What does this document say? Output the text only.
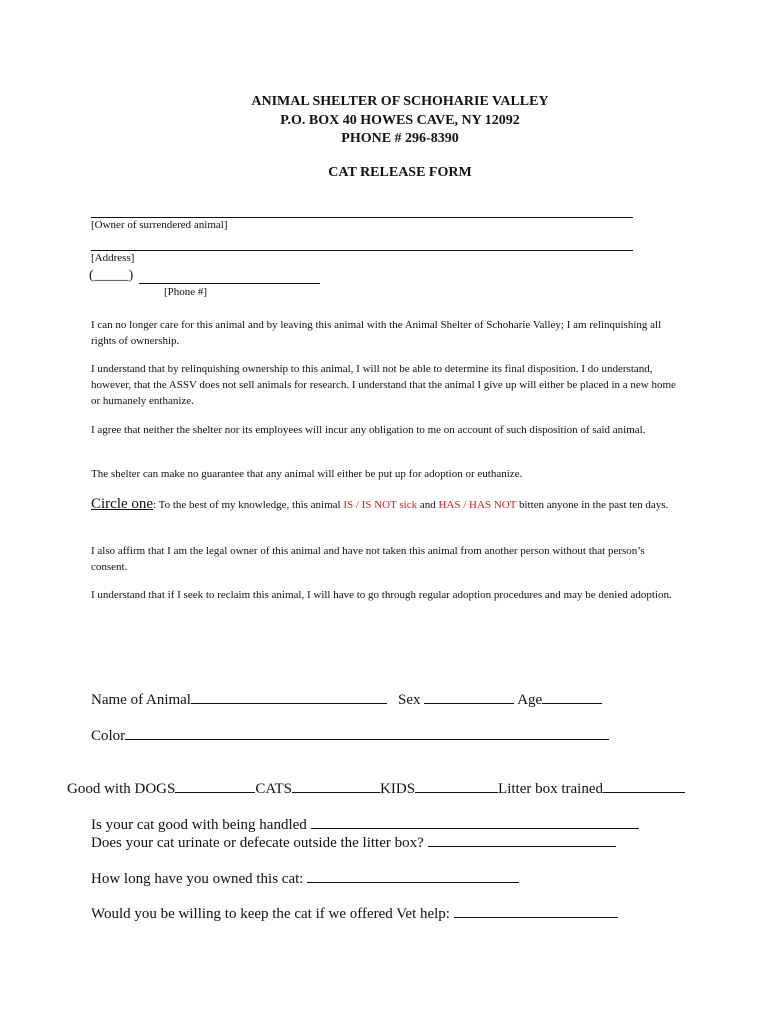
ANIMAL SHELTER OF SCHOHARIE VALLEY
P.O. BOX 40 HOWES CAVE, NY 12092
PHONE # 296-8390
CAT RELEASE FORM
[Owner of surrendered animal]
[Address]
(_____)
[Phone #]
I can no longer care for this animal and by leaving this animal with the Animal Shelter of Schoharie Valley; I am relinquishing all rights of ownership.
I understand that by relinquishing ownership to this animal, I will not be able to determine its final disposition. I do understand, however, that the ASSV does not sell animals for research. I understand that the animal I give up will either be placed in a new home or humanely enthanize.
I agree that neither the shelter nor its employees will incur any obligation to me on account of such disposition of said animal.
The shelter can make no guarantee that any animal will either be put up for adoption or euthanize.
Circle one: To the best of my knowledge, this animal IS / IS NOT sick and HAS / HAS NOT bitten anyone in the past ten days.
I also affirm that I am the legal owner of this animal and have not taken this animal from another person without that person’s consent.
I understand that if I seek to reclaim this animal, I will have to go through regular adoption procedures and may be denied adoption.
Name of Animal	Sex	Age
Color
Good with DOGS	CATS	KIDS	Litter box trained
Is your cat good with being handled
Does your cat urinate or defecate outside the litter box?
How long have you owned this cat:
Would you be willing to keep the cat if we offered Vet help:
